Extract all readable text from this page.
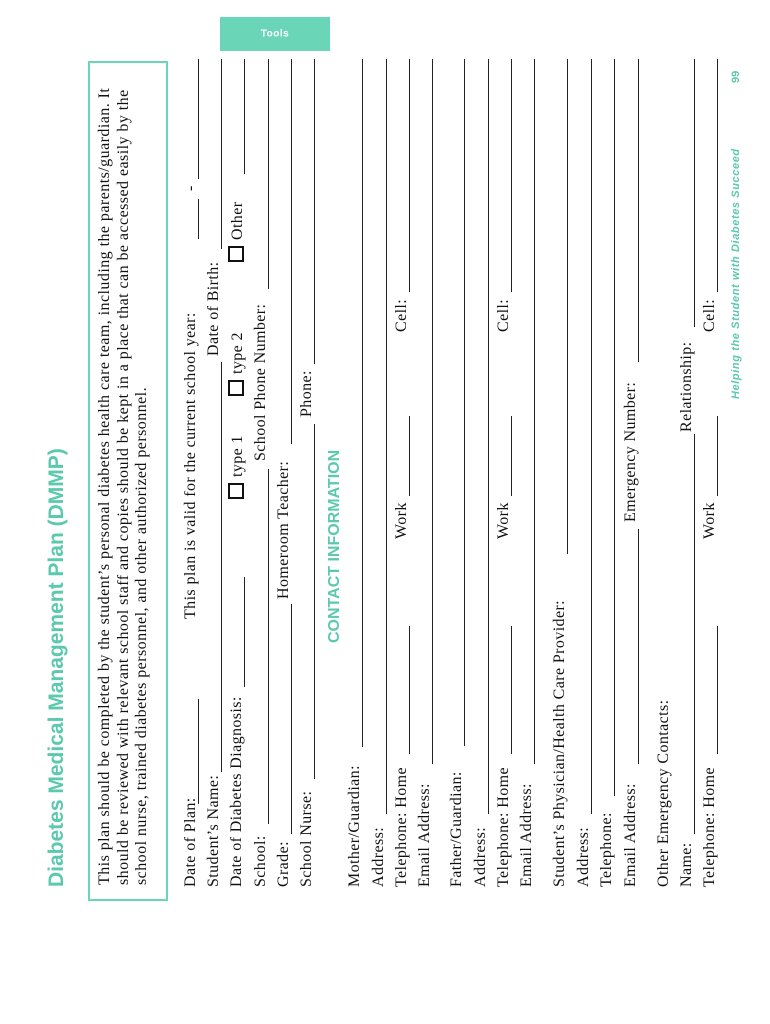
Tools
Diabetes Medical Management Plan (DMMP) This plan should be completed by the student’s personal diabetes health care team, including the parents/guardian. It should be reviewed with relevant school staff and copies should be kept in a place that can be accessed easily by the school nurse, trained diabetes personnel, and other authorized personnel. Date of Plan:
This plan is valid for the current school year:
-
Student’s Name:
Date of Birth:
Date of Diabetes Diagnosis:
type 1
type 2
Other
School:
School Phone Number:
Grade:
Homeroom Teacher:
School Nurse:
Phone:
CONTACT INFORMATION
Mother/Guardian: Address: Telephone: Home
Work
Cell:
Email Address: Father/Guardian: Address: Telephone: Home
Work
Cell:
Email Address: Student’s Physician/Health Care Provider: Address: Telephone: Email Address:
Emergency Number:
Other Emergency Contacts: Name:
Relationship:
Telephone: Home
Work
Cell: Helping the Student with Diabetes Succeed
99
